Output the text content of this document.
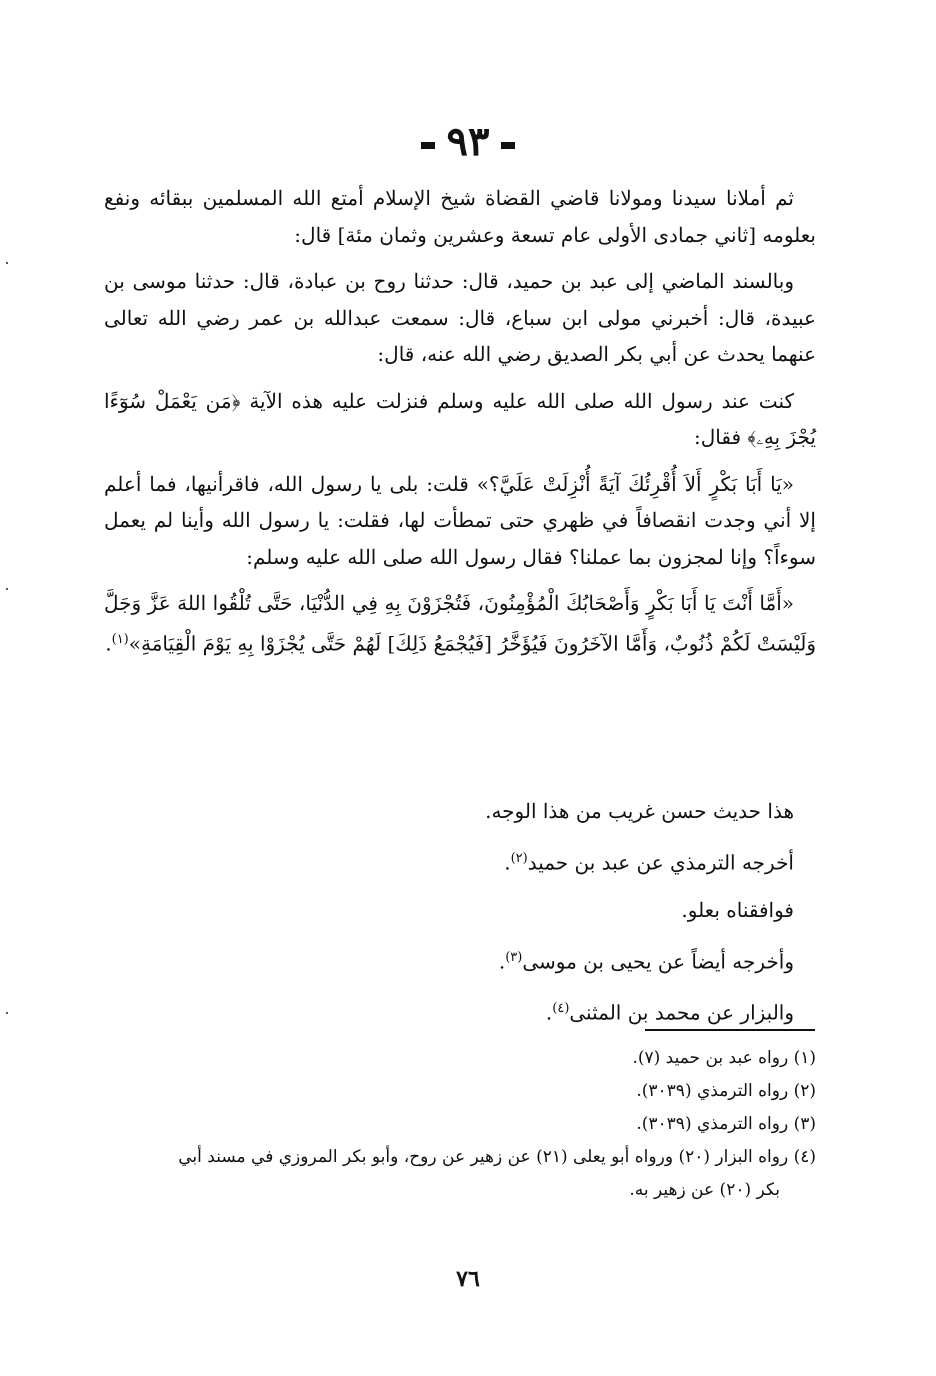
٩٣

ثم أملانا سيدنا ومولانا قاضي القضاة شيخ الإسلام أمتع الله المسلمين ببقائه ونفع بعلومه [ثاني جمادى الأولى عام تسعة وعشرين وثمان مئة] قال:

وبالسند الماضي إلى عبد بن حميد، قال: حدثنا روح بن عبادة، قال: حدثنا موسى بن عبيدة، قال: أخبرني مولى ابن سباع، قال: سمعت عبدالله بن عمر رضي الله تعالى عنهما يحدث عن أبي بكر الصديق رضي الله عنه، قال:

كنت عند رسول الله صلى الله عليه وسلم فنزلت عليه هذه الآية ﴿مَن يَعْمَلْ سُوٓءًا يُجْزَ بِهِۦ﴾ فقال:

«يَا أَبَا بَكْرٍ أَلاَ أُقْرِئُكَ آيَةً أُنْزِلَتْ عَلَيَّ؟» قلت: بلى يا رسول الله، فاقرأنيها، فما أعلم إلا أني وجدت انقصافاً في ظهري حتى تمطأت لها، فقلت: يا رسول الله وأينا لم يعمل سوءاً؟ وإنا لمجزون بما عملنا؟ فقال رسول الله صلى الله عليه وسلم:

«أَمَّا أَنْتَ يَا أَبَا بَكْرٍ وَأَصْحَابُكَ الْمُؤْمِنُونَ، فَتُجْزَوْنَ بِهِ فِي الدُّنْيَا، حَتَّى تُلْقُوا اللهَ عَزَّ وَجَلَّ وَلَيْسَتْ لَكُمْ ذُنُوبٌ، وَأَمَّا الآخَرُونَ فَيُؤَخَّرُ [فَيُجْمَعُ ذَلِكَ] لَهُمْ حَتَّى يُجْزَوْا بِهِ يَوْمَ الْقِيَامَةِ»$^{(١)}$.

هذا حديث حسن غريب من هذا الوجه.
أخرجه الترمذي عن عبد بن حميد$^{(٢)}$.
فوافقناه بعلو.
وأخرجه أيضاً عن يحيى بن موسى$^{(٣)}$.
والبزار عن محمد بن المثنى$^{(٤)}$.
(١) رواه عبد بن حميد (٧).
(٢) رواه الترمذي (٣٠٣٩).
(٣) رواه الترمذي (٣٠٣٩).
(٤) رواه البزار (٢٠) ورواه أبو يعلى (٢١) عن زهير عن روح، وأبو بكر المروزي في مسند أبي
بكر (٢٠) عن زهير به.
٧٦
